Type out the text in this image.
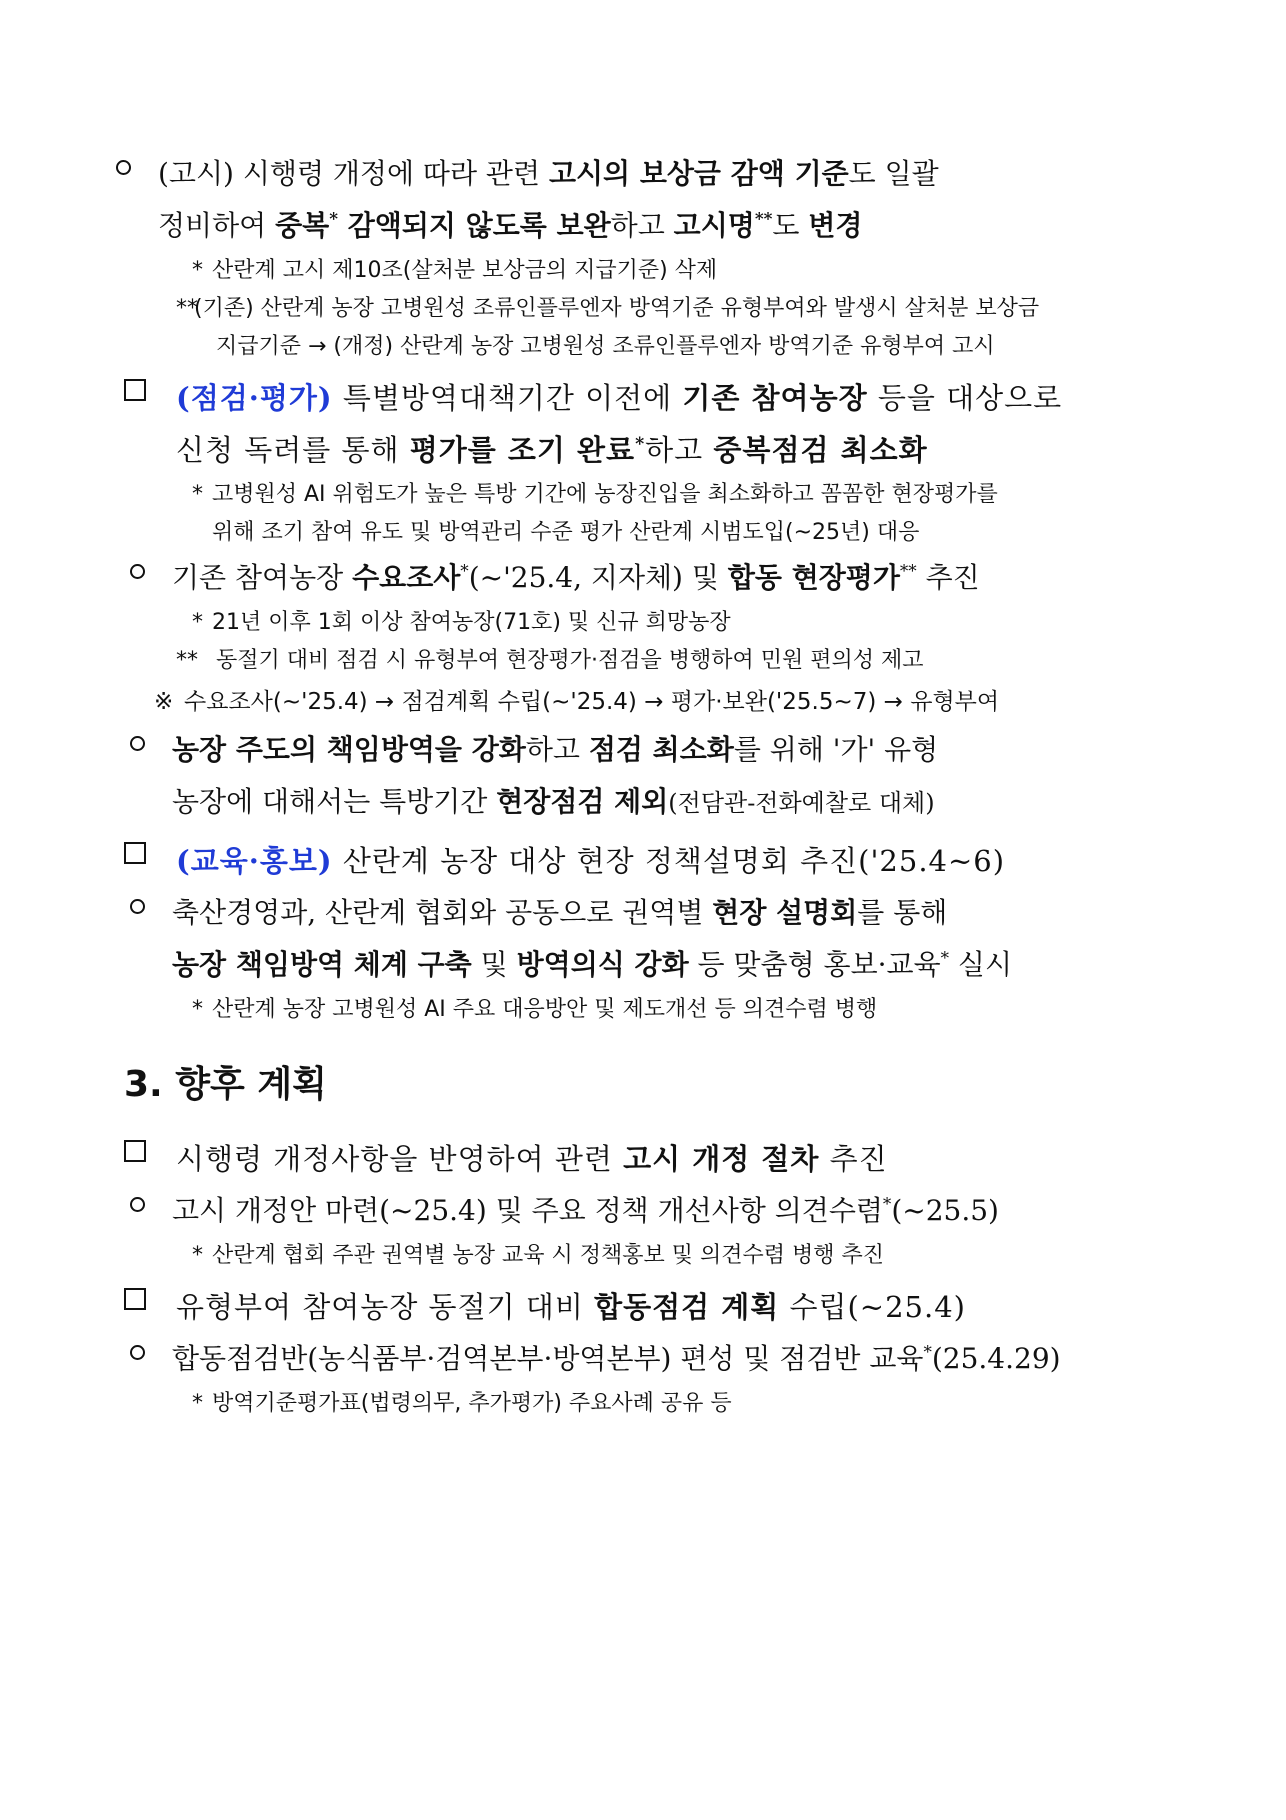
(고시) 시행령 개정에 따라 관련 고시의 보상금 감액 기준도 일괄
정비하여 중복* 감액되지 않도록 보완하고 고시명**도 변경
* 산란계 고시 제10조(살처분 보상금의 지급기준) 삭제
**
(기존) 산란계 농장 고병원성 조류인플루엔자 방역기준 유형부여와 발생시 살처분 보상금
지급기준 → (개정) 산란계 농장 고병원성 조류인플루엔자 방역기준 유형부여 고시
(점검·평가) 특별방역대책기간 이전에 기존 참여농장 등을 대상으로
신청 독려를 통해 평가를 조기 완료*하고 중복점검 최소화
* 고병원성 AI 위험도가 높은 특방 기간에 농장진입을 최소화하고 꼼꼼한 현장평가를
위해 조기 참여 유도 및 방역관리 수준 평가 산란계 시범도입(~25년) 대응
기존 참여농장 수요조사*(~'25.4, 지자체) 및 합동 현장평가** 추진
* 21년 이후 1회 이상 참여농장(71호) 및 신규 희망농장
** 동절기 대비 점검 시 유형부여 현장평가·점검을 병행하여 민원 편의성 제고
※ 수요조사(~'25.4) → 점검계획 수립(~'25.4) → 평가·보완('25.5~7) → 유형부여
농장 주도의 책임방역을 강화하고 점검 최소화를 위해 '가' 유형
농장에 대해서는 특방기간 현장점검 제외(전담관-전화예찰로 대체)
(교육·홍보) 산란계 농장 대상 현장 정책설명회 추진('25.4~6)
축산경영과, 산란계 협회와 공동으로 권역별 현장 설명회를 통해
농장 책임방역 체계 구축 및 방역의식 강화 등 맞춤형 홍보·교육* 실시
* 산란계 농장 고병원성 AI 주요 대응방안 및 제도개선 등 의견수렴 병행
3. 향후 계획
시행령 개정사항을 반영하여 관련 고시 개정 절차 추진
고시 개정안 마련(~25.4) 및 주요 정책 개선사항 의견수렴*(~25.5)
* 산란계 협회 주관 권역별 농장 교육 시 정책홍보 및 의견수렴 병행 추진
유형부여 참여농장 동절기 대비 합동점검 계획 수립(~25.4)
합동점검반(농식품부·검역본부·방역본부) 편성 및 점검반 교육*(25.4.29)
* 방역기준평가표(법령의무, 추가평가) 주요사례 공유 등
